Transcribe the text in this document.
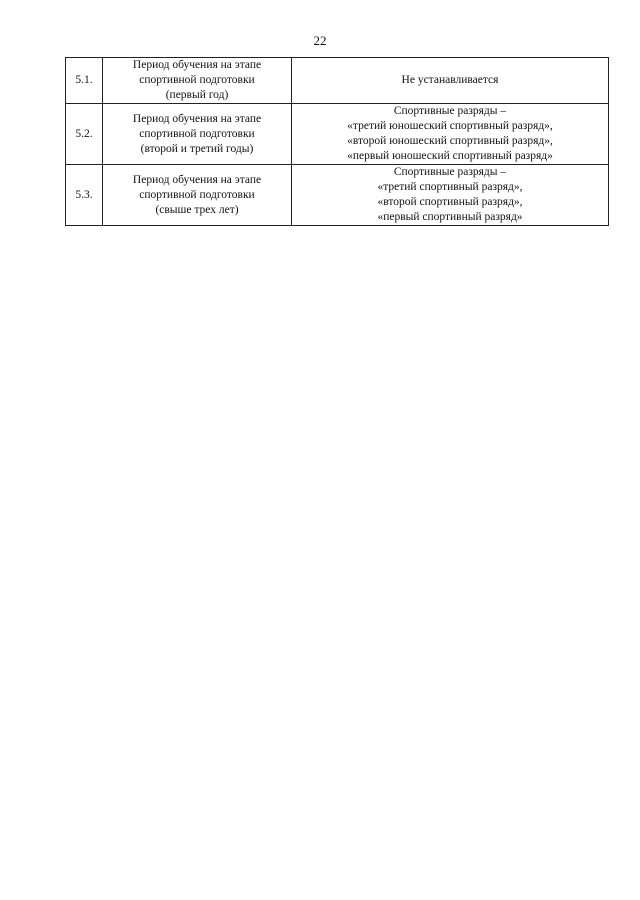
22
5.1.	Период обучения на этапе
спортивной подготовки
(первый год)	Не устанавливается

5.2.	Период обучения на этапе
спортивной подготовки
(второй и третий годы)	Спортивные разряды –
«третий юношеский спортивный разряд»,
«второй юношеский спортивный разряд»,
«первый юношеский спортивный разряд»

5.3.	Период обучения на этапе
спортивной подготовки
(свыше трех лет)	Спортивные разряды –
«третий спортивный разряд»,
«второй спортивный разряд»,
«первый спортивный разряд»
